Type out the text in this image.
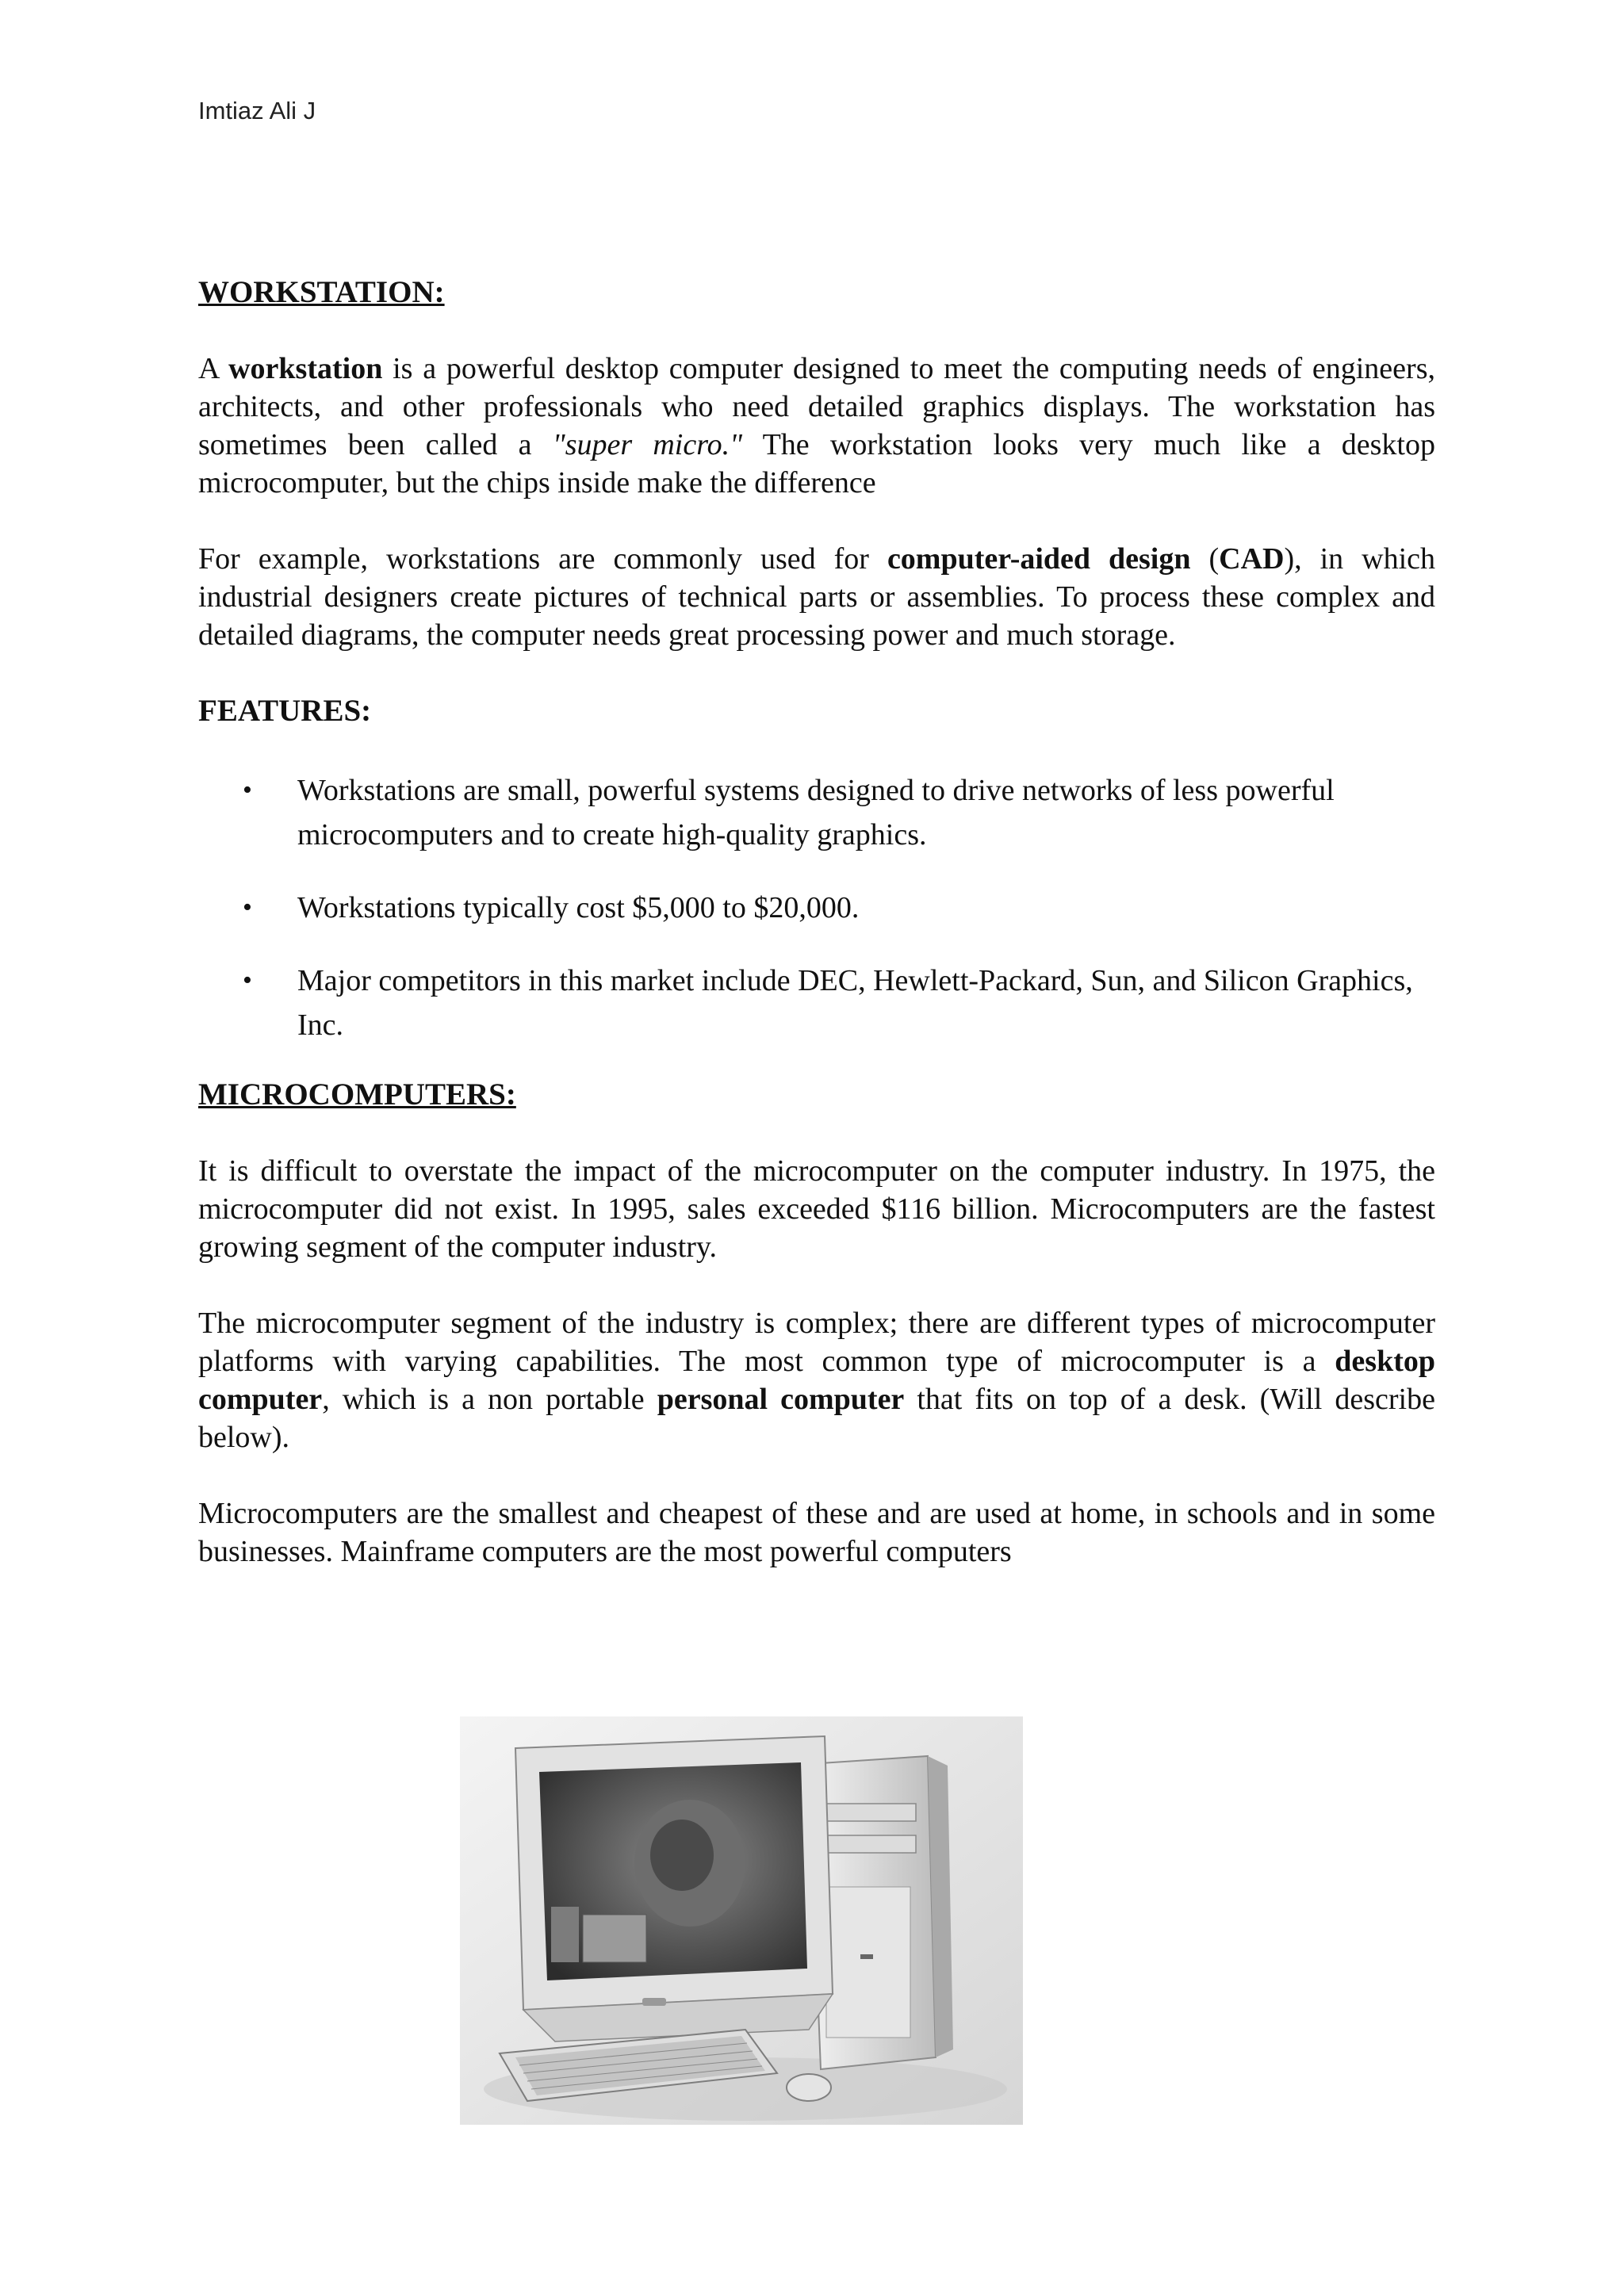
Imtiaz Ali J
WORKSTATION:

A workstation is a powerful desktop computer designed to meet the computing needs of engineers, architects, and other professionals who need detailed graphics displays. The workstation has sometimes been called a "super micro." The workstation looks very much like a desktop microcomputer, but the chips inside make the difference

For example, workstations are commonly used for computer-aided design (CAD), in which industrial designers create pictures of technical parts or assemblies. To process these complex and detailed diagrams, the computer needs great processing power and much storage.

FEATURES:
• Workstations are small, powerful systems designed to drive networks of less powerful microcomputers and to create high-quality graphics.
• Workstations typically cost $5,000 to $20,000.
• Major competitors in this market include DEC, Hewlett-Packard, Sun, and Silicon Graphics, Inc.
MICROCOMPUTERS:

It is difficult to overstate the impact of the microcomputer on the computer industry. In 1975, the microcomputer did not exist. In 1995, sales exceeded $116 billion. Microcomputers are the fastest growing segment of the computer industry.

The microcomputer segment of the industry is complex; there are different types of microcomputer platforms with varying capabilities. The most common type of microcomputer is a desktop computer, which is a non portable personal computer that fits on top of a desk. (Will describe below).

Microcomputers are the smallest and cheapest of these and are used at home, in schools and in some businesses. Mainframe computers are the most powerful computers
